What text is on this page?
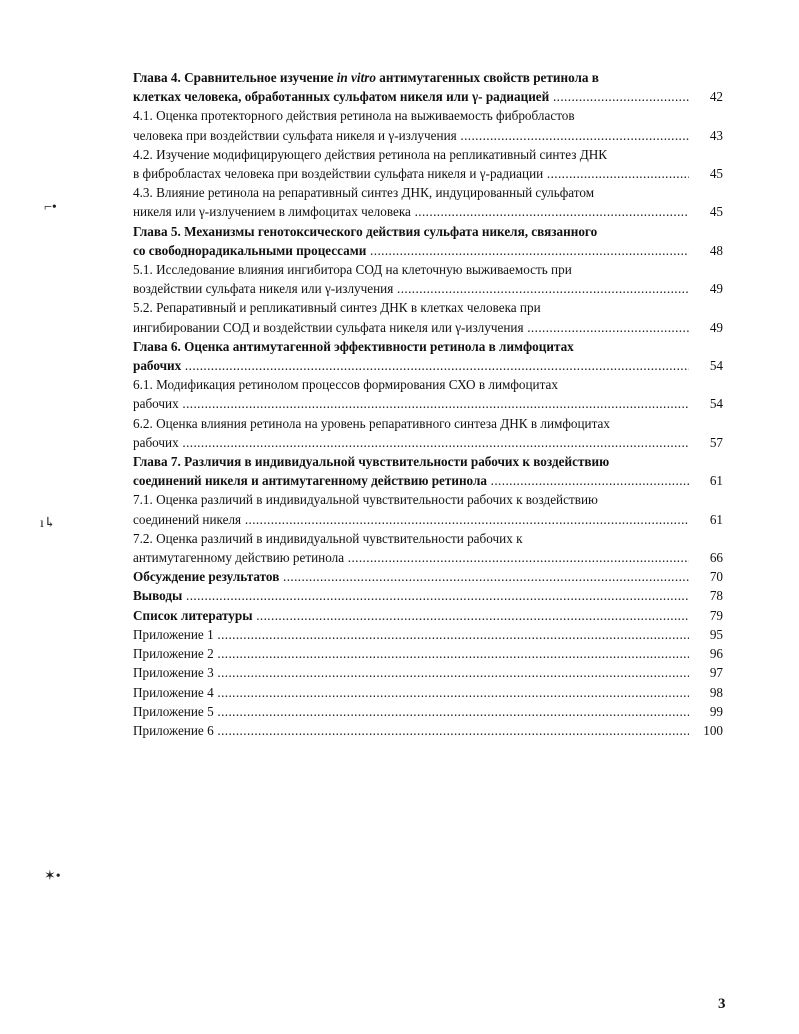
Глава 4. Сравнительное изучение in vitro антимутагенных свойств ретинола в
клетках человека, обработанных сульфатом никеля или γ- радиацией .....	42
4.1. Оценка протекторного действия ретинола на выживаемость фибробластов
человека при воздействии сульфата никеля и γ-излучения .....	43
4.2. Изучение модифицирующего действия ретинола на репликативный синтез ДНК
в фибробластах человека при воздействии сульфата никеля и γ-радиации .....	45
4.3. Влияние ретинола на репаративный синтез ДНК, индуцированный сульфатом
никеля или γ-излучением в лимфоцитах человека .....	45
Глава 5. Механизмы генотоксического действия сульфата никеля, связанного
со свободнорадикальными процессами .....	48
5.1. Исследование влияния ингибитора СОД на клеточную выживаемость при
воздействии сульфата никеля или γ-излучения .....	49
5.2. Репаративный и репликативный синтез ДНК в клетках человека при
ингибировании СОД и воздействии сульфата никеля или γ-излучения .....	49
Глава 6. Оценка антимутагенной эффективности ретинола в лимфоцитах
рабочих .....	54
6.1. Модификация ретинолом процессов формирования СХО в лимфоцитах
рабочих .....	54
6.2. Оценка влияния ретинола на уровень репаративного синтеза ДНК в лимфоцитах
рабочих .....	57
Глава 7. Различия в индивидуальной чувствительности рабочих к воздействию
соединений никеля и антимутагенному действию ретинола .....	61
7.1. Оценка различий в индивидуальной чувствительности рабочих к воздействию
соединений никеля .....	61
7.2. Оценка различий в индивидуальной чувствительности рабочих к
антимутагенному действию ретинола .....	66
Обсуждение результатов .....	70
Выводы .....	78
Список литературы .....	79
Приложение 1 .....	95
Приложение 2 .....	96
Приложение 3 .....	97
Приложение 4 .....	98
Приложение 5 .....	99
Приложение 6 .....	100
3
⌐•
ı↳
✶•
